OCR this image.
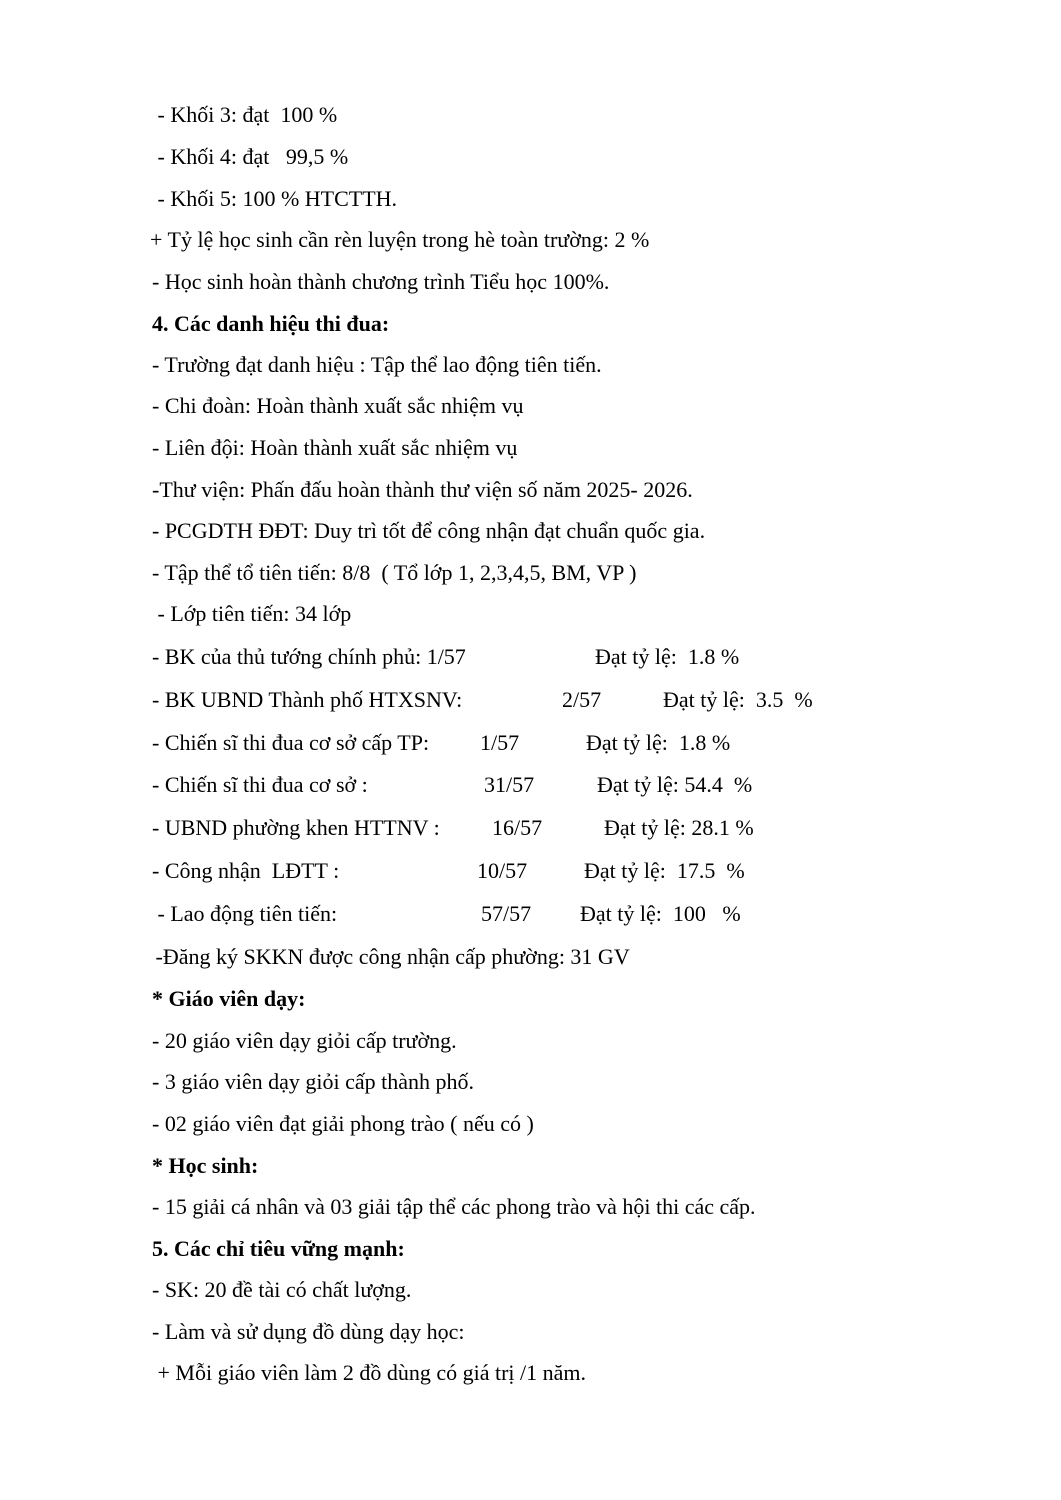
- Khối 3: đạt  100 %

- Khối 4: đạt   99,5 %

- Khối 5: 100 % HTCTTH.

+ Tỷ lệ học sinh cần rèn luyện trong hè toàn trường: 2 %

- Học sinh hoàn thành chương trình Tiểu học 100%.

4. Các danh hiệu thi đua:

- Trường đạt danh hiệu : Tập thể lao động tiên tiến.

- Chi đoàn: Hoàn thành xuất sắc nhiệm vụ

- Liên đội: Hoàn thành xuất sắc nhiệm vụ

-Thư viện: Phấn đấu hoàn thành thư viện số năm 2025- 2026.

- PCGDTH ĐĐT: Duy trì tốt để công nhận đạt chuẩn quốc gia.

- Tập thể tổ tiên tiến: 8/8  ( Tổ lớp 1, 2,3,4,5, BM, VP )

- Lớp tiên tiến: 34 lớp

- BK của thủ tướng chính phủ: 1/57	Đạt tỷ lệ:  1.8 %

- BK UBND Thành phố HTXSNV:	2/57	Đạt tỷ lệ:  3.5  %

- Chiến sĩ thi đua cơ sở cấp TP: 1/57	Đạt tỷ lệ:  1.8 %

- Chiến sĩ thi đua cơ sở :	31/57	Đạt tỷ lệ: 54.4  %

- UBND phường khen HTTNV : 16/57	Đạt tỷ lệ: 28.1 %

- Công nhận  LĐTT :	10/57	Đạt tỷ lệ:  17.5  %

- Lao động tiên tiến:	57/57 Đạt tỷ lệ:  100   %

-Đăng ký SKKN được công nhận cấp phường: 31 GV

* Giáo viên dạy:

- 20 giáo viên dạy giỏi cấp trường.

- 3 giáo viên dạy giỏi cấp thành phố.

- 02 giáo viên đạt giải phong trào ( nếu có )

* Học sinh:

- 15 giải cá nhân và 03 giải tập thể các phong trào và hội thi các cấp.

5. Các chỉ tiêu vững mạnh:

- SK: 20 đề tài có chất lượng.

- Làm và sử dụng đồ dùng dạy học:

+ Mỗi giáo viên làm 2 đồ dùng có giá trị /1 năm.
